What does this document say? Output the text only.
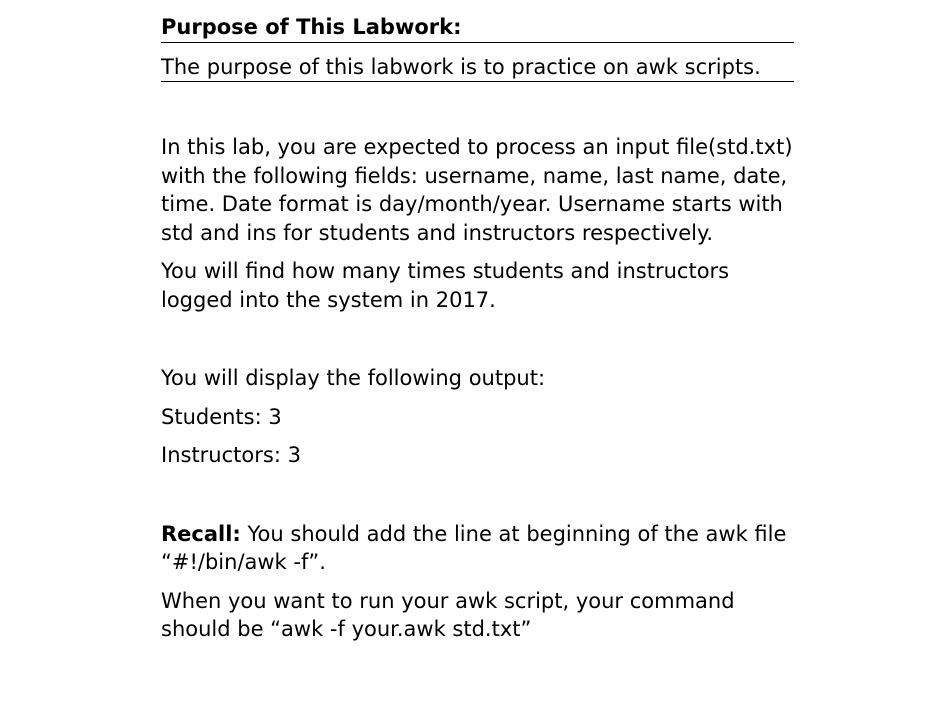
Purpose of This Labwork:
The purpose of this labwork is to practice on awk scripts.

In this lab, you are expected to process an input file(std.txt) with the following fields: username, name, last name, date, time. Date format is day/month/year. Username starts with std and ins for students and instructors respectively.

You will find how many times students and instructors logged into the system in 2017.

You will display the following output:

Students: 3

Instructors: 3

Recall: You should add the line at beginning of the awk file “#!/bin/awk -f”.

When you want to run your awk script, your command should be “awk -f your.awk std.txt”
